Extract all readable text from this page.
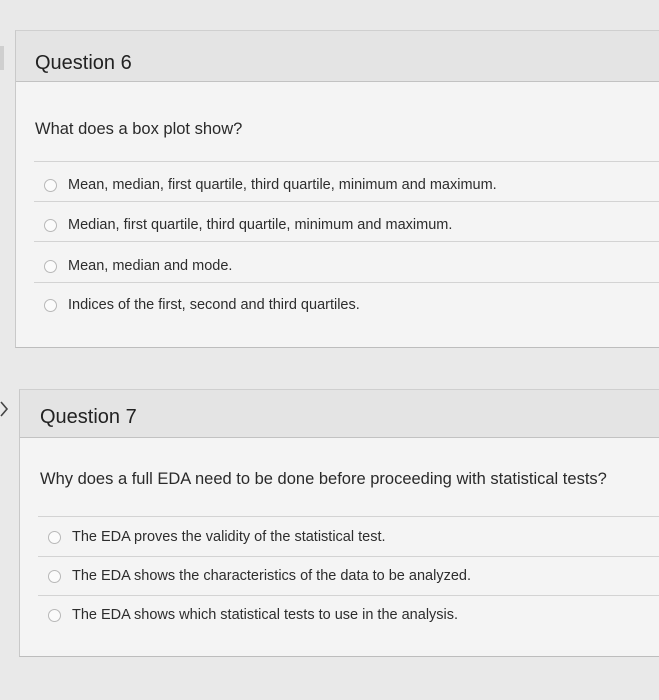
Question 6
What does a box plot show?
Mean, median, first quartile, third quartile, minimum and maximum.
Median, first quartile, third quartile, minimum and maximum.
Mean, median and mode.
Indices of the first, second and third quartiles.
Question 7
Why does a full EDA need to be done before proceeding with statistical tests?
The EDA proves the validity of the statistical test.
The EDA shows the characteristics of the data to be analyzed.
The EDA shows which statistical tests to use in the analysis.
